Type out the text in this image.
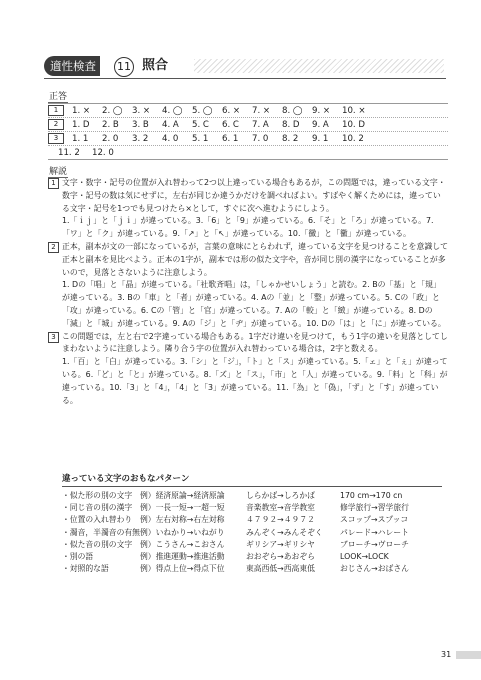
適性検査	11 照合
正答
1	1. ×	2. ◯	3. ×	4. ◯	5. ◯	6. ×	7. ×	8. ◯	9. ×	10. ×
2	1. D	2. B	3. B	4. A	5. C	6. C	7. A	8. D	9. A	10. D
3	1. 1	2. 0	3. 2	4. 0	5. 1	6. 1	7. 0	8. 2	9. 1	10. 2
11. 2	12. 0
解説

1 文字・数字・記号の位置が入れ替わって2つ以上違っている場合もあるが，この問題では，違っている文字・数字・記号の数は気にせずに，左右が同じか違うかだけを調べればよい。すばやく解くためには，違っている文字・記号を1つでも見つけたら×として，すぐに次へ進むようにしよう。

1.「ｉｊ」と「ｊｉ」が違っている。3.「6」と「9」が違っている。6.「そ」と「ろ」が違っている。7.「ワ」と「ク」が違っている。9.「↗」と「↖」が違っている。10.「黴」と「黴」が違っている。

2 正本，副本が文の一部になっているが，言葉の意味にとらわれず，違っている文字を見つけることを意識して正本と副本を見比べよう。正本の1字が，副本では形の似た文字や，音が同じ別の漢字になっていることが多いので，見落とさないように注意しよう。

1. Dの「唱」と「晶」が違っている。「社歌斉唱」は，「しゃかせいしょう」と読む。2. Bの「基」と「規」が違っている。3. Bの「車」と「者」が違っている。4. Aの「並」と「整」が違っている。5. Cの「政」と「攻」が違っている。6. Cの「管」と「官」が違っている。7. Aの「較」と「緻」が違っている。8. Dの「減」と「城」が違っている。9. Aの「ジ」と「ヂ」が違っている。10. Dの「は」と「に」が違っている。

3 この問題では，左と右で2字違っている場合もある。1字だけ違いを見つけて，もう1字の違いを見落としてしまわないように注意しよう。隣り合う字の位置が入れ替わっている場合は，2字と数える。

1.「百」と「白」が違っている。3.「シ」と「ジ」，「ト」と「ス」が違っている。5.「ェ」と「ぇ」が違っている。6.「ど」と「と」が違っている。8.「ズ」と「ス」，「市」と「人」が違っている。9.「料」と「科」が違っている。10.「3」と「4」，「4」と「3」が違っている。11.「為」と「偽」，「ず」と「す」が違っている。

違っている文字のおもなパターン
・似た形の別の文字	例）経済原論→経済原論	しらかば→しろかば	170 cm→170 cn
・同じ音の別の漢字	例）一長一短→一超一短	音楽教室→音学教室	修学旅行→習学旅行
・位置の入れ替わり	例）左右対称→右左対称	４７９２→４９７２	スコップ→スプッコ
・濁音，半濁音の有無 例）いねかり→いねがり	みんぞく→みんそぞく	パレード→ハレート
・似た音の別の文字	例）こうさん→こおさん	ギリシア→ギリシヤ	ブローチ→ヴローチ
・別の語	例）推進運動→推進活動	おおぞら→あおぞら	LOOK→LOCK
・対照的な語	例）得点上位→得点下位	東高西低→西高東低	おじさん→おばさん
31
